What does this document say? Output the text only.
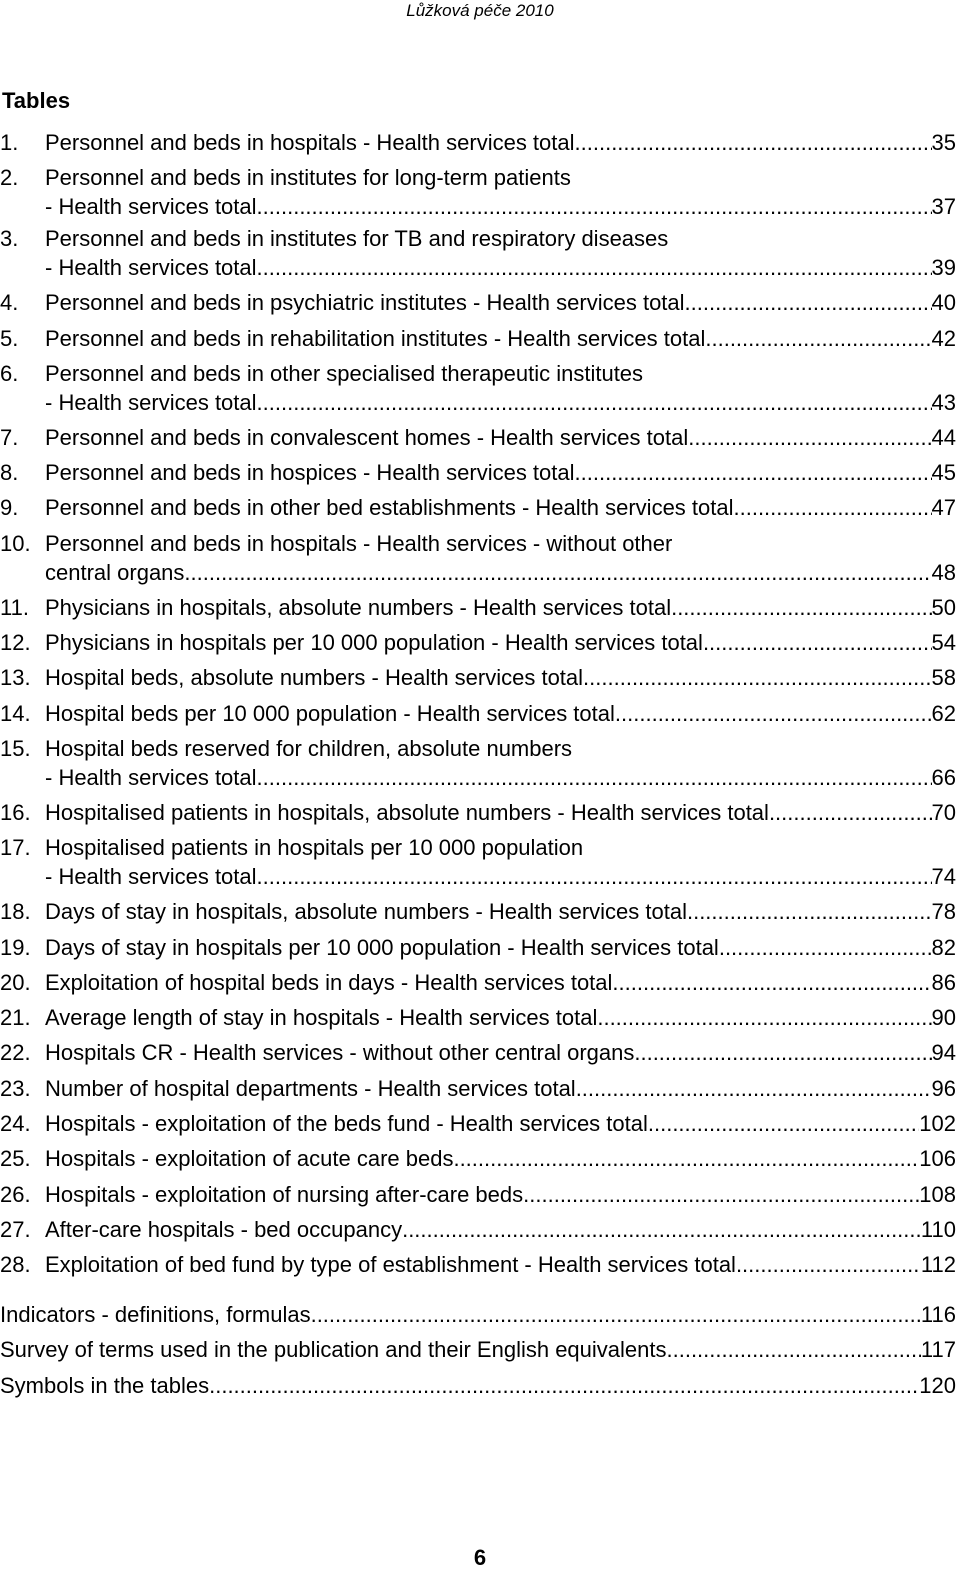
Lůžková péče 2010
Tables
1.	Personnel and beds in hospitals - Health services total .....	35
2.	Personnel and beds in institutes for long-term patients
- Health services total .....	37
3.	Personnel and beds in institutes for TB and respiratory diseases
- Health services total .....	39
4.	Personnel and beds in psychiatric institutes - Health services total .....	40
5.	Personnel and beds in rehabilitation institutes - Health services total .....	42
6.	Personnel and beds in other specialised therapeutic institutes
- Health services total .....	43
7.	Personnel and beds in convalescent homes - Health services total .....	44
8.	Personnel and beds in hospices - Health services total .....	45
9.	Personnel and beds in other bed establishments - Health services total .....	47
10. Personnel and beds in hospitals - Health services - without other
central organs .....	48
11. Physicians in hospitals, absolute numbers - Health services total .....	50
12. Physicians in hospitals per 10 000 population - Health services total .....	54
13. Hospital beds, absolute numbers - Health services total .....	58
14. Hospital beds per 10 000 population - Health services total .....	62
15. Hospital beds reserved for children, absolute numbers
- Health services total .....	66
16. Hospitalised patients in hospitals, absolute numbers - Health services total .....	70
17. Hospitalised patients in hospitals per 10 000 population
- Health services total .....	74
18. Days of stay in hospitals, absolute numbers - Health services total .....	78
19. Days of stay in hospitals per 10 000 population - Health services total .....	82
20. Exploitation of hospital beds in days - Health services total .....	86
21. Average length of stay in hospitals - Health services total .....	90
22. Hospitals CR - Health services - without other central organs .....	94
23. Number of hospital departments - Health services total .....	96
24. Hospitals - exploitation of the beds fund - Health services total .....	102
25. Hospitals - exploitation of acute care beds .....	106
26. Hospitals - exploitation of nursing after-care beds .....	108
27. After-care hospitals - bed occupancy .....	110
28. Exploitation of bed fund by type of establishment - Health services total .....	112
Indicators - definitions, formulas .....	116
Survey of terms used in the publication and their English equivalents .....	117
Symbols in the tables .....	120
6
